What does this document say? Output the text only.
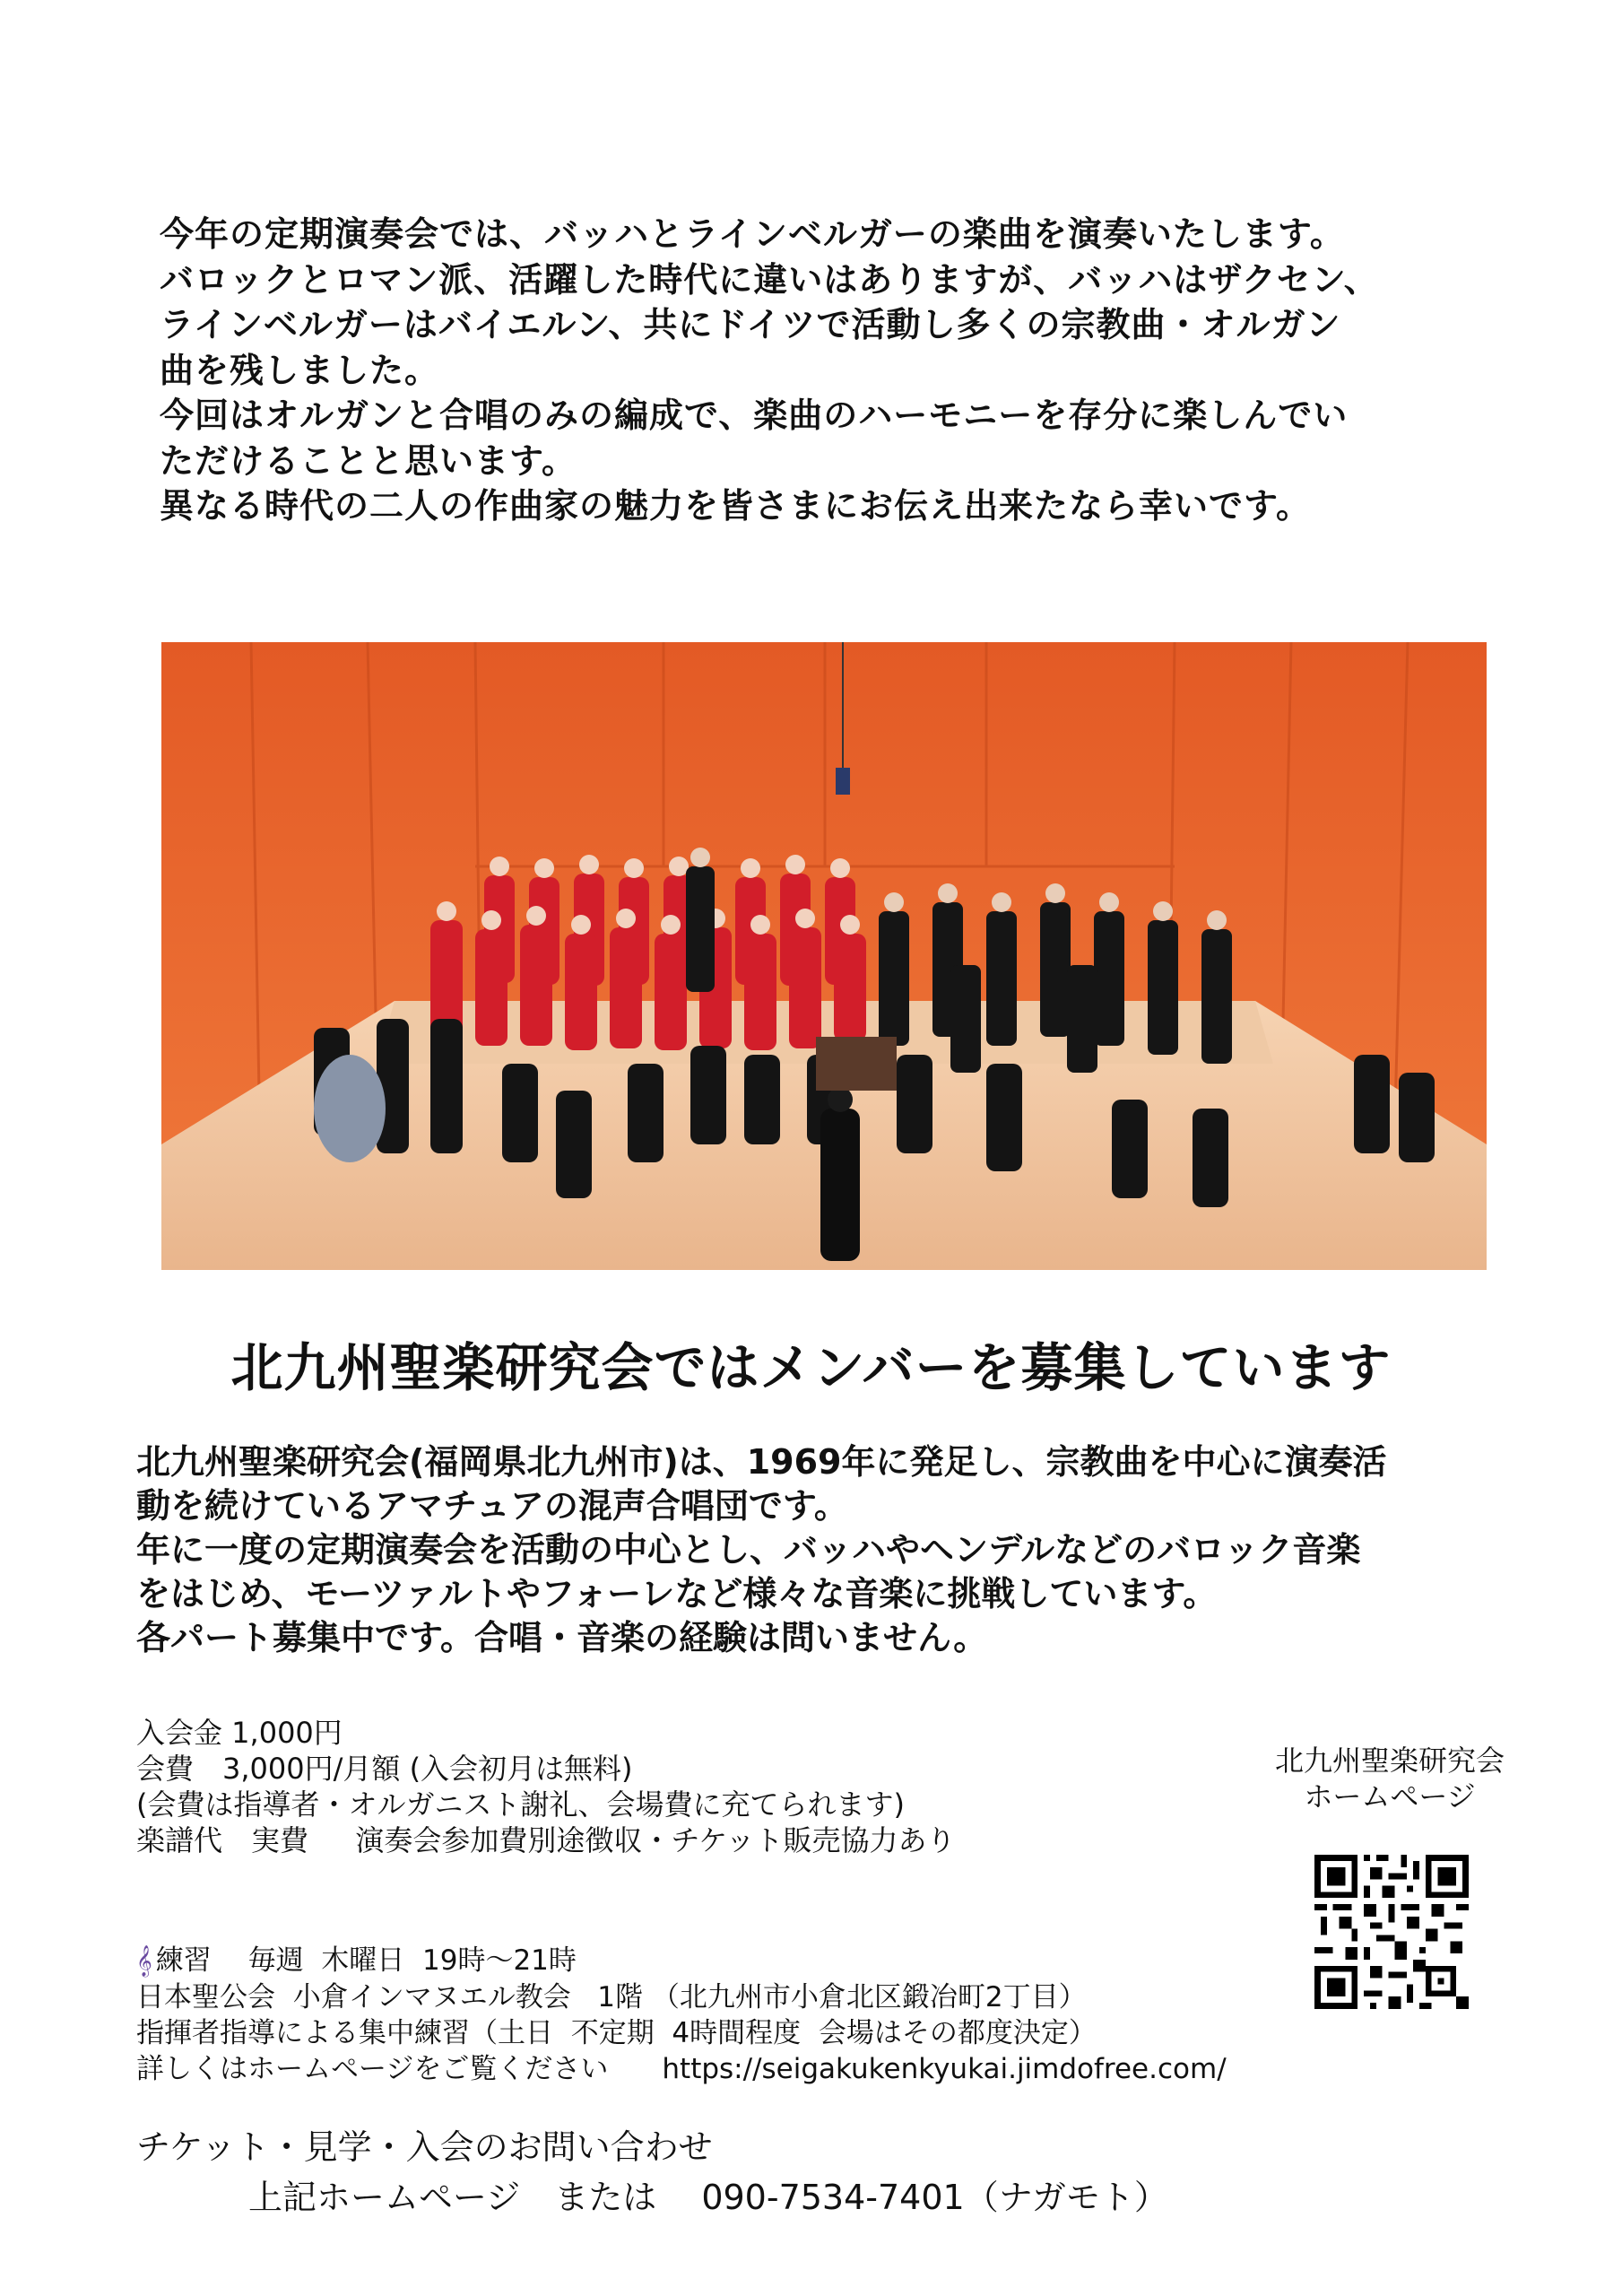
今年の定期演奏会では、バッハとラインベルガーの楽曲を演奏いたします。
バロックとロマン派、活躍した時代に違いはありますが、バッハはザクセン、
ラインベルガーはバイエルン、共にドイツで活動し多くの宗教曲・オルガン
曲を残しました。
今回はオルガンと合唱のみの編成で、楽曲のハーモニーを存分に楽しんでい
ただけることと思います。
異なる時代の二人の作曲家の魅力を皆さまにお伝え出来たなら幸いです。
北九州聖楽研究会ではメンバーを募集しています
北九州聖楽研究会(福岡県北九州市)は、1969年に発足し、宗教曲を中心に演奏活
動を続けているアマチュアの混声合唱団です。
年に一度の定期演奏会を活動の中心とし、バッハやヘンデルなどのバロック音楽
をはじめ、モーツァルトやフォーレなど様々な音楽に挑戦しています。
各パート募集中です。合唱・音楽の経験は問いません。
入会金 1,000円
会費　3,000円/月額 (入会初月は無料)
(会費は指導者・オルガニスト謝礼、会場費に充てられます)
楽譜代　実費　  演奏会参加費別途徴収・チケット販売協力あり
𝄞 練習　 毎週  木曜日  19時～21時
日本聖公会  小倉インマヌエル教会   1階 （北九州市小倉北区鍛冶町2丁目）
指揮者指導による集中練習（土日  不定期  4時間程度  会場はその都度決定）
詳しくはホームページをご覧ください https://seigakukenkyukai.jimdofree.com/
チケット・見学・入会のお問い合わせ
上記ホームページ　または　 090-7534-7401（ナガモト）
北九州聖楽研究会
ホームページ
